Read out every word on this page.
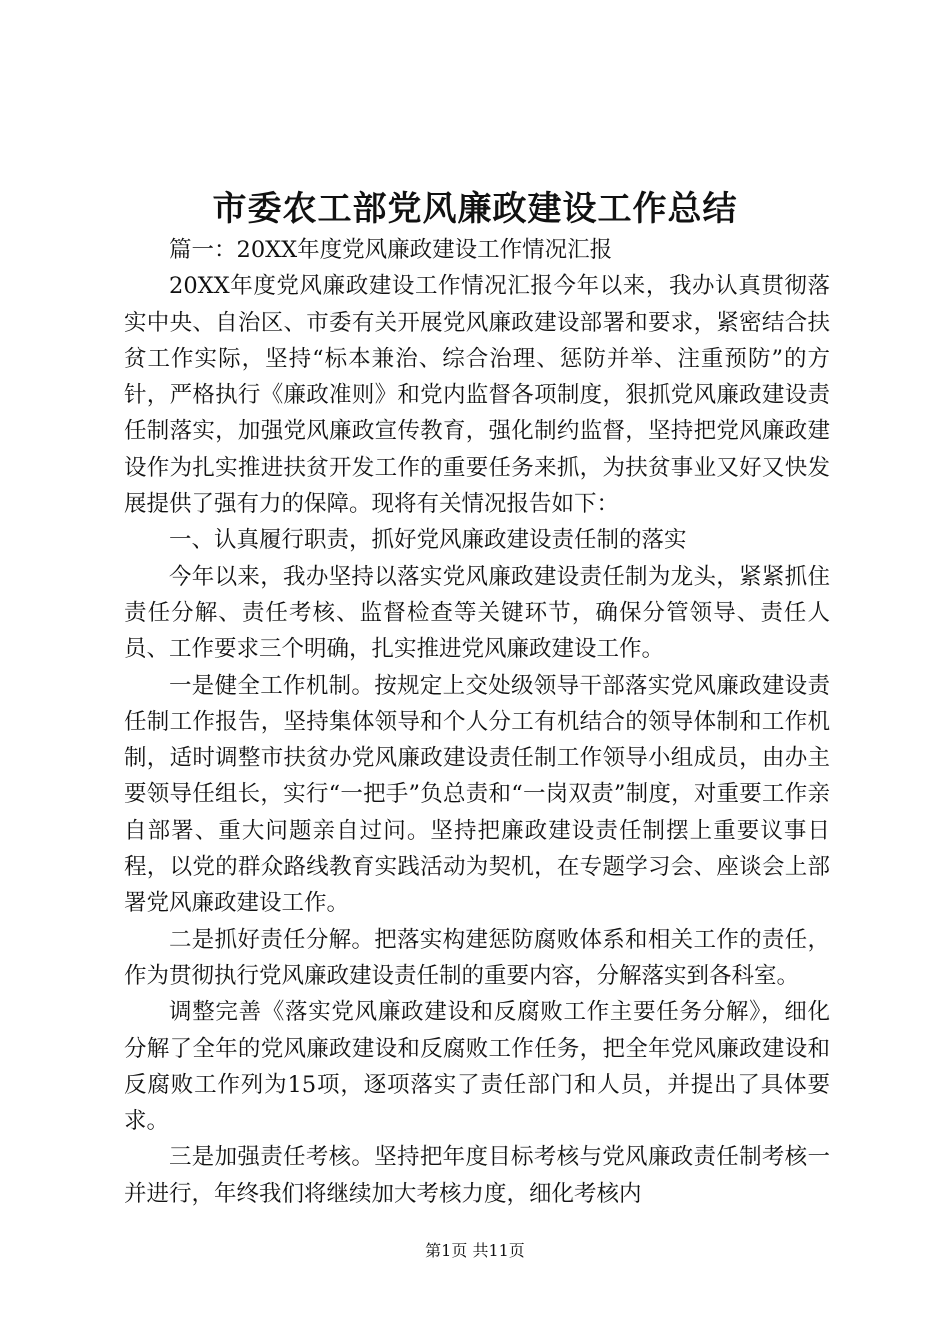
市委农工部党风廉政建设工作总结

篇一：20XX年度党风廉政建设工作情况汇报

20XX年度党风廉政建设工作情况汇报今年以来，我办认真贯彻落实中央、自治区、市委有关开展党风廉政建设部署和要求，紧密结合扶贫工作实际，坚持“标本兼治、综合治理、惩防并举、注重预防”的方针，严格执行《廉政准则》和党内监督各项制度，狠抓党风廉政建设责任制落实，加强党风廉政宣传教育，强化制约监督，坚持把党风廉政建设作为扎实推进扶贫开发工作的重要任务来抓，为扶贫事业又好又快发展提供了强有力的保障。现将有关情况报告如下：

一、认真履行职责，抓好党风廉政建设责任制的落实

今年以来，我办坚持以落实党风廉政建设责任制为龙头，紧紧抓住责任分解、责任考核、监督检查等关键环节，确保分管领导、责任人员、工作要求三个明确，扎实推进党风廉政建设工作。

一是健全工作机制。按规定上交处级领导干部落实党风廉政建设责任制工作报告，坚持集体领导和个人分工有机结合的领导体制和工作机制，适时调整市扶贫办党风廉政建设责任制工作领导小组成员，由办主要领导任组长，实行“一把手”负总责和“一岗双责”制度，对重要工作亲自部署、重大问题亲自过问。坚持把廉政建设责任制摆上重要议事日程，以党的群众路线教育实践活动为契机，在专题学习会、座谈会上部署党风廉政建设工作。

二是抓好责任分解。把落实构建惩防腐败体系和相关工作的责任，作为贯彻执行党风廉政建设责任制的重要内容，分解落实到各科室。

调整完善《落实党风廉政建设和反腐败工作主要任务分解》，细化分解了全年的党风廉政建设和反腐败工作任务，把全年党风廉政建设和反腐败工作列为15项，逐项落实了责任部门和人员，并提出了具体要求。

三是加强责任考核。坚持把年度目标考核与党风廉政责任制考核一并进行，年终我们将继续加大考核力度，细化考核内

第1页 共11页
